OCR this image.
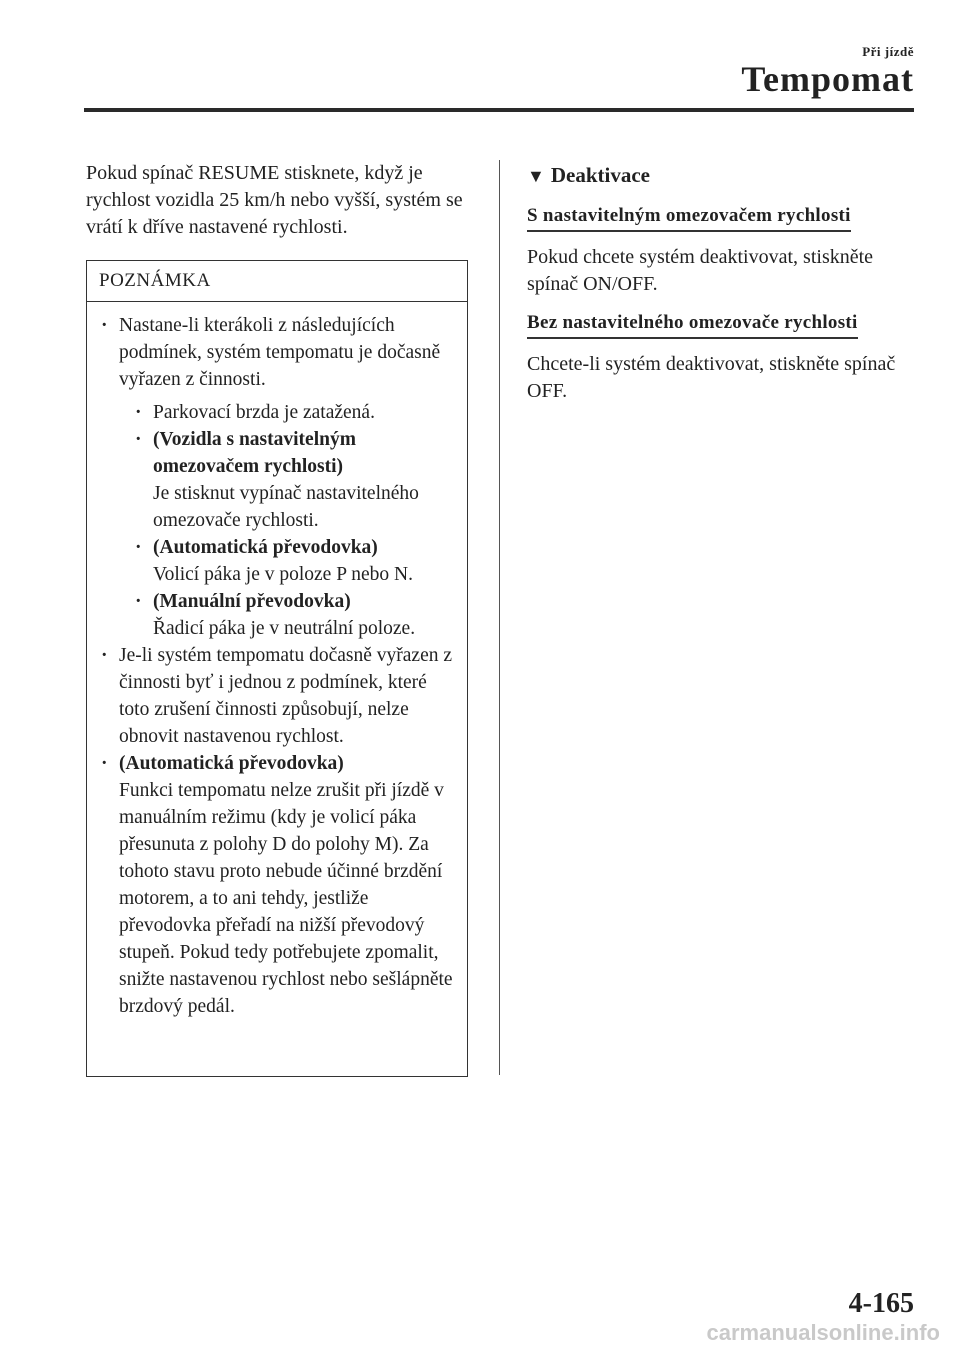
Při jízdě
Tempomat

Pokud spínač RESUME stisknete, když je rychlost vozidla 25 km/h nebo vyšší, systém se vrátí k dříve nastavené rychlosti.

POZNÁMKA
· Nastane-li kterákoli z následujících podmínek, systém tempomatu je dočasně vyřazen z činnosti.
· Parkovací brzda je zatažená.
· (Vozidla s nastavitelným omezovačem rychlosti)
Je stisknut vypínač nastavitelného omezovače rychlosti.
· (Automatická převodovka)
Volicí páka je v poloze P nebo N.
· (Manuální převodovka)
Řadicí páka je v neutrální poloze.
· Je-li systém tempomatu dočasně vyřazen z činnosti byť i jednou z podmínek, které toto zrušení činnosti způsobují, nelze obnovit nastavenou rychlost.
· (Automatická převodovka)
Funkci tempomatu nelze zrušit při jízdě v manuálním režimu (kdy je volicí páka přesunuta z polohy D do polohy M). Za tohoto stavu proto nebude účinné brzdění motorem, a to ani tehdy, jestliže převodovka přeřadí na nižší převodový stupeň. Pokud tedy potřebujete zpomalit, snižte nastavenou rychlost nebo sešlápněte brzdový pedál.

▼ Deaktivace

S nastavitelným omezovačem rychlosti

Pokud chcete systém deaktivovat, stiskněte spínač ON/OFF.

Bez nastavitelného omezovače rychlosti

Chcete-li systém deaktivovat, stiskněte spínač OFF.

4-165
carmanualsonline.info
